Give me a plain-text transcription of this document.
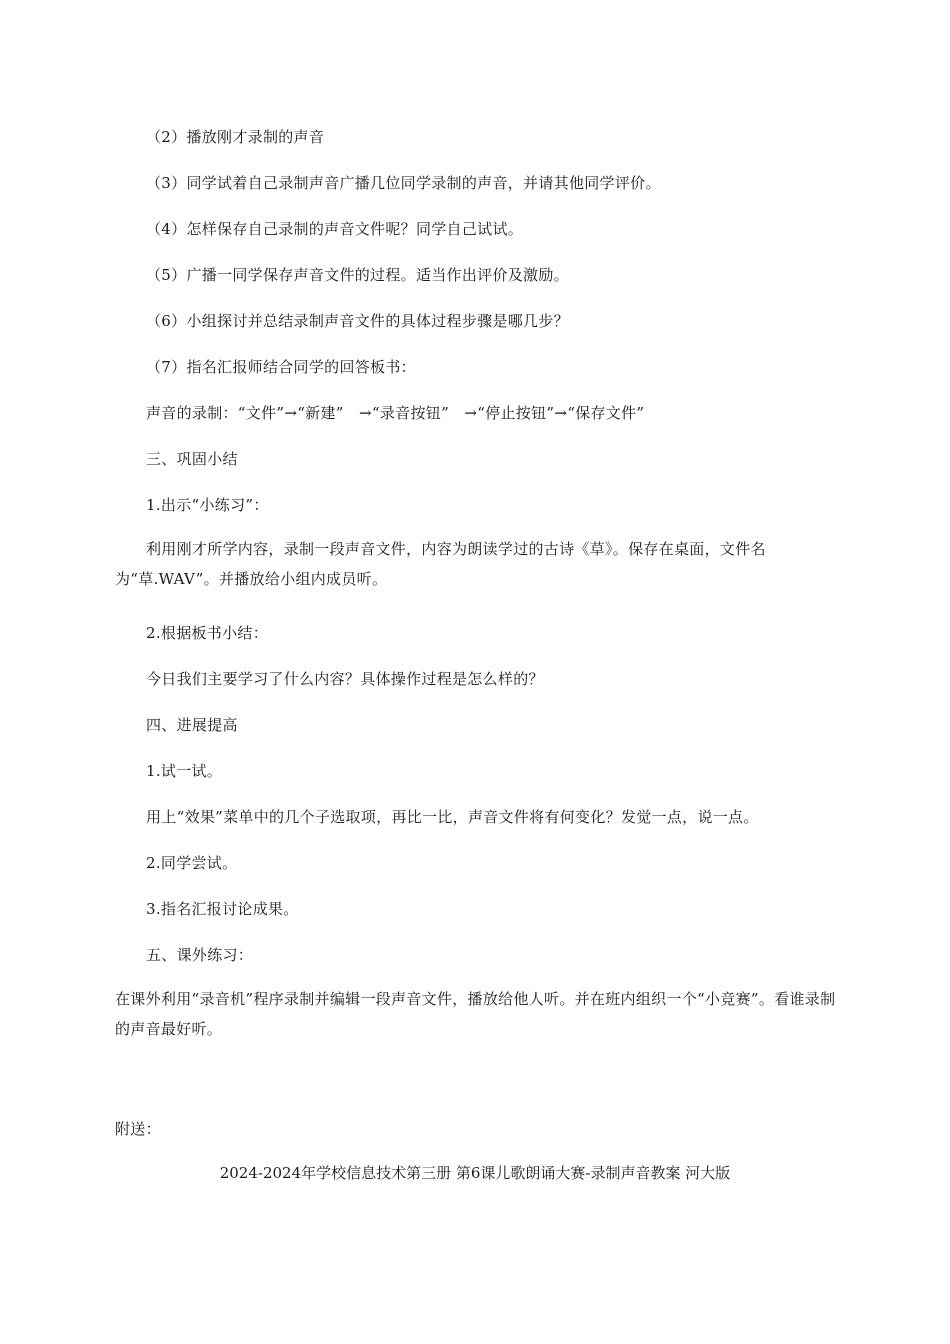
（2）播放刚才录制的声音
（3）同学试着自己录制声音广播几位同学录制的声音，并请其他同学评价。
（4）怎样保存自己录制的声音文件呢？同学自己试试。
（5）广播一同学保存声音文件的过程。适当作出评价及激励。
（6）小组探讨并总结录制声音文件的具体过程步骤是哪几步？
（7）指名汇报师结合同学的回答板书：
声音的录制：“文件”→“新建”　→“录音按钮”　→“停止按钮”→“保存文件”
三、巩固小结
1.出示“小练习”：
利用刚才所学内容，录制一段声音文件，内容为朗读学过的古诗《草》。保存在桌面，文件名为“草.WAV”。并播放给小组内成员听。
2.根据板书小结：
今日我们主要学习了什么内容？具体操作过程是怎么样的？
四、进展提高
1.试一试。
用上“效果”菜单中的几个子选取项，再比一比，声音文件将有何变化？发觉一点，说一点。
2.同学尝试。
3.指名汇报讨论成果。
五、课外练习：
在课外利用“录音机”程序录制并编辑一段声音文件，播放给他人听。并在班内组织一个“小竞赛”。看谁录制的声音最好听。
附送：
2024-2024年学校信息技术第三册 第6课儿歌朗诵大赛-录制声音教案 河大版
